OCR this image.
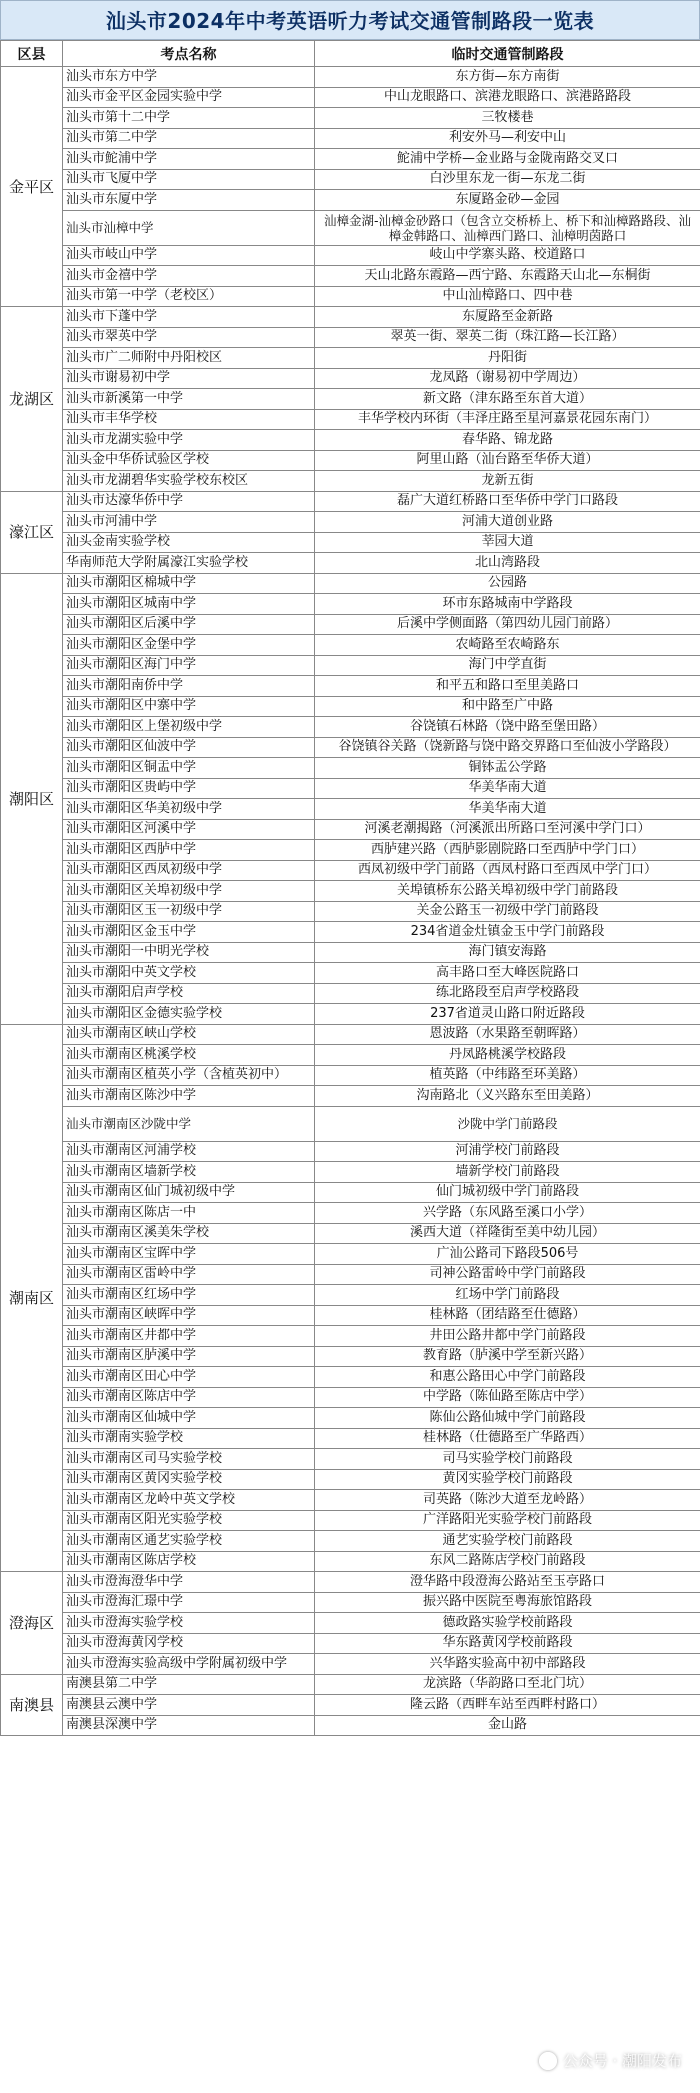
汕头市2024年中考英语听力考试交通管制路段一览表
区县	考点名称	临时交通管制路段
金平区	汕头市东方中学	东方街—东方南街
	汕头市金平区金园实验中学	中山龙眼路口、滨港龙眼路口、滨港路路段
	汕头市第十二中学	三牧楼巷
	汕头市第二中学	利安外马—利安中山
	汕头市鮀浦中学	鮀浦中学桥—金业路与金陇南路交叉口
	汕头市飞厦中学	白沙里东龙一街—东龙二街
	汕头市东厦中学	东厦路金砂—金园
	汕头市汕樟中学	汕樟金湖-汕樟金砂路口（包含立交桥桥上、桥下和汕樟路路段、汕樟金韩路口、汕樟西门路口、汕樟明茵路口
	汕头市岐山中学	岐山中学寨头路、校道路口
	汕头市金禧中学	天山北路东霞路—西宁路、东霞路天山北—东桐街
	汕头市第一中学（老校区）	中山汕樟路口、四中巷
龙湖区	汕头市下蓬中学	东厦路至金新路
	汕头市翠英中学	翠英一街、翠英二街（珠江路—长江路）
	汕头市广二师附中丹阳校区	丹阳街
	汕头市谢易初中学	龙凤路（谢易初中学周边）
	汕头市新溪第一中学	新文路（津东路至东首大道）
	汕头市丰华学校	丰华学校内环街（丰泽庄路至星河嘉景花园东南门）
	汕头市龙湖实验中学	春华路、锦龙路
	汕头金中华侨试验区学校	阿里山路（汕台路至华侨大道）
	汕头市龙湖碧华实验学校东校区	龙新五街
濠江区	汕头市达濠华侨中学	磊广大道红桥路口至华侨中学门口路段
	汕头市河浦中学	河浦大道创业路
	汕头金南实验学校	莘园大道
	华南师范大学附属濠江实验学校	北山湾路段
潮阳区	汕头市潮阳区棉城中学	公园路
	汕头市潮阳区城南中学	环市东路城南中学路段
	汕头市潮阳区后溪中学	后溪中学侧面路（第四幼儿园门前路）
	汕头市潮阳区金堡中学	农崎路至农崎路东
	汕头市潮阳区海门中学	海门中学直街
	汕头市潮阳南侨中学	和平五和路口至里美路口
	汕头市潮阳区中寨中学	和中路至广中路
	汕头市潮阳区上堡初级中学	谷饶镇石林路（饶中路至堡田路）
	汕头市潮阳区仙波中学	谷饶镇谷关路（饶新路与饶中路交界路口至仙波小学路段）
	汕头市潮阳区铜盂中学	铜钵盂公学路
	汕头市潮阳区贵屿中学	华美华南大道
	汕头市潮阳区华美初级中学	华美华南大道
	汕头市潮阳区河溪中学	河溪老潮揭路（河溪派出所路口至河溪中学门口）
	汕头市潮阳区西胪中学	西胪建兴路（西胪影剧院路口至西胪中学门口）
	汕头市潮阳区西凤初级中学	西凤初级中学门前路（西凤村路口至西凤中学门口）
	汕头市潮阳区关埠初级中学	关埠镇桥东公路关埠初级中学门前路段
	汕头市潮阳区玉一初级中学	关金公路玉一初级中学门前路段
	汕头市潮阳区金玉中学	234省道金灶镇金玉中学门前路段
	汕头市潮阳一中明光学校	海门镇安海路
	汕头市潮阳中英文学校	高丰路口至大峰医院路口
	汕头市潮阳启声学校	练北路段至启声学校路段
	汕头市潮阳区金德实验学校	237省道灵山路口附近路段
潮南区	汕头市潮南区峡山学校	恩波路（水果路至朝晖路）
	汕头市潮南区桃溪学校	丹凤路桃溪学校路段
	汕头市潮南区植英小学（含植英初中）	植英路（中纬路至环美路）
	汕头市潮南区陈沙中学	沟南路北（义兴路东至田美路）
	汕头市潮南区沙陇中学	沙陇中学门前路段
	汕头市潮南区河浦学校	河浦学校门前路段
	汕头市潮南区墙新学校	墙新学校门前路段
	汕头市潮南区仙门城初级中学	仙门城初级中学门前路段
	汕头市潮南区陈店一中	兴学路（东风路至溪口小学）
	汕头市潮南区溪美朱学校	溪西大道（祥隆街至美中幼儿园）
	汕头市潮南区宝晖中学	广汕公路司下路段506号
	汕头市潮南区雷岭中学	司神公路雷岭中学门前路段
	汕头市潮南区红场中学	红场中学门前路段
	汕头市潮南区峡晖中学	桂林路（团结路至仕德路）
	汕头市潮南区井都中学	井田公路井都中学门前路段
	汕头市潮南区胪溪中学	教育路（胪溪中学至新兴路）
	汕头市潮南区田心中学	和惠公路田心中学门前路段
	汕头市潮南区陈店中学	中学路（陈仙路至陈店中学）
	汕头市潮南区仙城中学	陈仙公路仙城中学门前路段
	汕头市潮南实验学校	桂林路（仕德路至广华路西）
	汕头市潮南区司马实验学校	司马实验学校门前路段
	汕头市潮南区黄冈实验学校	黄冈实验学校门前路段
	汕头市潮南区龙岭中英文学校	司英路（陈沙大道至龙岭路）
	汕头市潮南区阳光实验学校	广洋路阳光实验学校门前路段
	汕头市潮南区通艺实验学校	通艺实验学校门前路段
	汕头市潮南区陈店学校	东风二路陈店学校门前路段
澄海区	汕头市澄海澄华中学	澄华路中段澄海公路站至玉亭路口
	汕头市澄海汇璟中学	振兴路中医院至粤海旅馆路段
	汕头市澄海实验学校	德政路实验学校前路段
	汕头市澄海黄冈学校	华东路黄冈学校前路段
	汕头市澄海实验高级中学附属初级中学	兴华路实验高中初中部路段
南澳县	南澳县第二中学	龙滨路（华韵路口至北门坑）
	南澳县云澳中学	隆云路（西畔车站至西畔村路口）
	南澳县深澳中学	金山路
公众号 · 潮阳发布
